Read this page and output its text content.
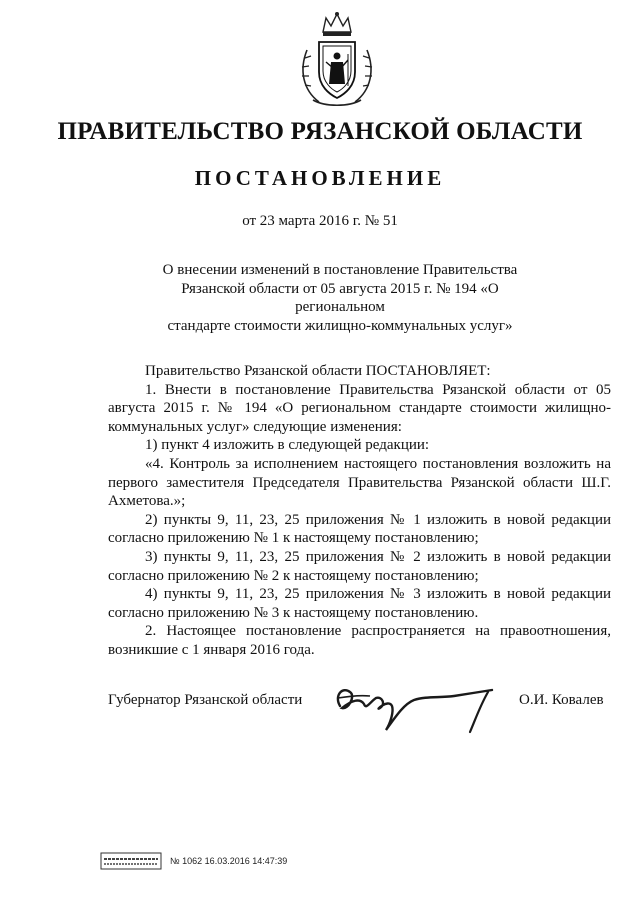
ПРАВИТЕЛЬСТВО РЯЗАНСКОЙ ОБЛАСТИ
ПОСТАНОВЛЕНИЕ
от 23 марта 2016 г. № 51
О внесении изменений в постановление Правительства
Рязанской области от 05 августа 2015 г. № 194 «О региональном
стандарте стоимости жилищно-коммунальных услуг»

Правительство Рязанской области ПОСТАНОВЛЯЕТ:

1. Внести в постановление Правительства Рязанской области от 05 августа 2015 г. № 194 «О региональном стандарте стоимости жилищно-коммунальных услуг» следующие изменения:

1) пункт 4 изложить в следующей редакции:

«4. Контроль за исполнением настоящего постановления возложить на первого заместителя Председателя Правительства Рязанской области Ш.Г. Ахметова.»;

2) пункты 9, 11, 23, 25 приложения № 1 изложить в новой редакции согласно приложению № 1 к настоящему постановлению;

3) пункты 9, 11, 23, 25 приложения № 2 изложить в новой редакции согласно приложению № 2 к настоящему постановлению;

4) пункты 9, 11, 23, 25 приложения № 3 изложить в новой редакции согласно приложению № 3 к настоящему постановлению.

2. Настоящее постановление распространяется на правоотношения, возникшие с 1 января 2016 года.

Губернатор Рязанской области	О.И. Ковалев
№ 1062 16.03.2016 14:47:39
